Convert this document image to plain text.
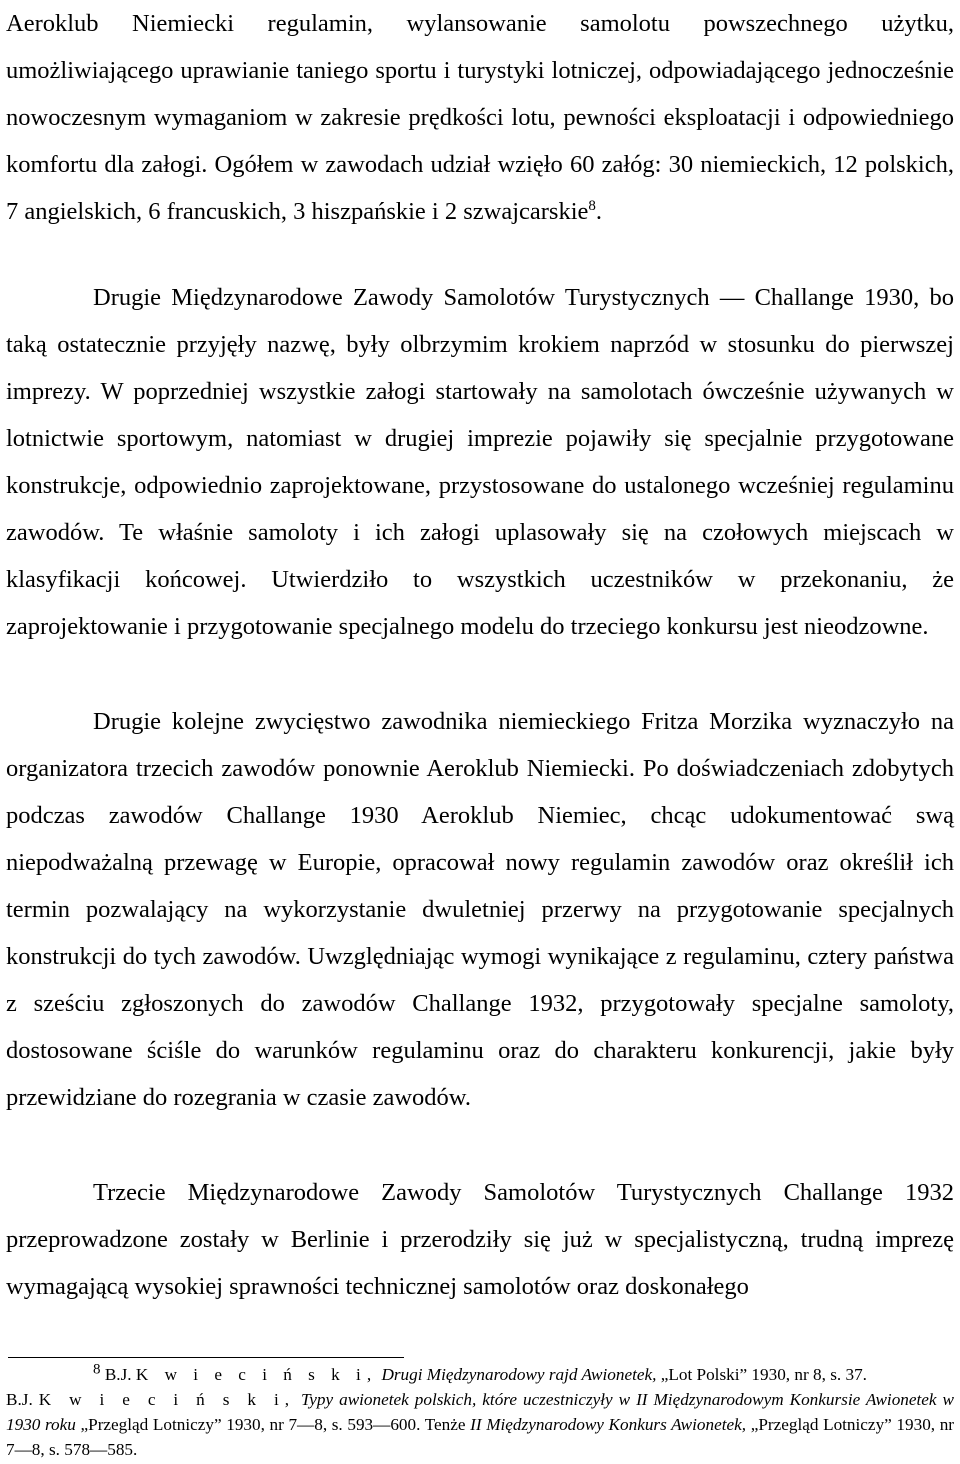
Aeroklub Niemiecki regulamin, wylansowanie samolotu powszechnego użytku, umożliwiającego uprawianie taniego sportu i turystyki lotniczej, odpowiadającego jednocześnie nowoczesnym wymaganiom w zakresie prędkości lotu, pewności eksploatacji i odpowiedniego komfortu dla załogi. Ogółem w zawodach udział wzięło 60 załóg: 30 niemieckich, 12 polskich, 7 angielskich, 6 francuskich, 3 hiszpańskie i 2 szwajcarskie$^8$.

Drugie Międzynarodowe Zawody Samolotów Turystycznych — Challange 1930, bo taką ostatecznie przyjęły nazwę, były olbrzymim krokiem naprzód w stosunku do pierwszej imprezy. W poprzedniej wszystkie załogi startowały na samolotach ówcześnie używanych w lotnictwie sportowym, natomiast w drugiej imprezie pojawiły się specjalnie przygotowane konstrukcje, odpowiednio zaprojektowane, przystosowane do ustalonego wcześniej regulaminu zawodów. Te właśnie samoloty i ich załogi uplasowały się na czołowych miejscach w klasyfikacji końcowej. Utwierdziło to wszystkich uczestników w przekonaniu, że zaprojektowanie i przygotowanie specjalnego modelu do trzeciego konkursu jest nieodzowne.

Drugie kolejne zwycięstwo zawodnika niemieckiego Fritza Morzika wyznaczyło na organizatora trzecich zawodów ponownie Aeroklub Niemiecki. Po doświadczeniach zdobytych podczas zawodów Challange 1930 Aeroklub Niemiec, chcąc udokumentować swą niepodważalną przewagę w Europie, opracował nowy regulamin zawodów oraz określił ich termin pozwalający na wykorzystanie dwuletniej przerwy na przygotowanie specjalnych konstrukcji do tych zawodów. Uwzględniając wymogi wynikające z regulaminu, cztery państwa z sześciu zgłoszonych do zawodów Challange 1932, przygotowały specjalne samoloty, dostosowane ściśle do warunków regulaminu oraz do charakteru konkurencji, jakie były przewidziane do rozegrania w czasie zawodów.

Trzecie Międzynarodowe Zawody Samolotów Turystycznych Challange 1932 przeprowadzone zostały w Berlinie i przerodziły się już w specjalistyczną, trudną imprezę wymagającą wysokiej sprawności technicznej samolotów oraz doskonałego

$^8$ B.J. K w i e c i ń s k i, Drugi Międzynarodowy rajd Awionetek, „Lot Polski” 1930, nr 8, s. 37.

B.J. K w i e c i ń s k i, Typy awionetek polskich, które uczestniczyły w II Międzynarodowym Konkursie Awionetek w 1930 roku „Przegląd Lotniczy” 1930, nr 7—8, s. 593—600. Tenże II Międzynarodowy Konkurs Awionetek, „Przegląd Lotniczy” 1930, nr 7—8, s. 578—585.
